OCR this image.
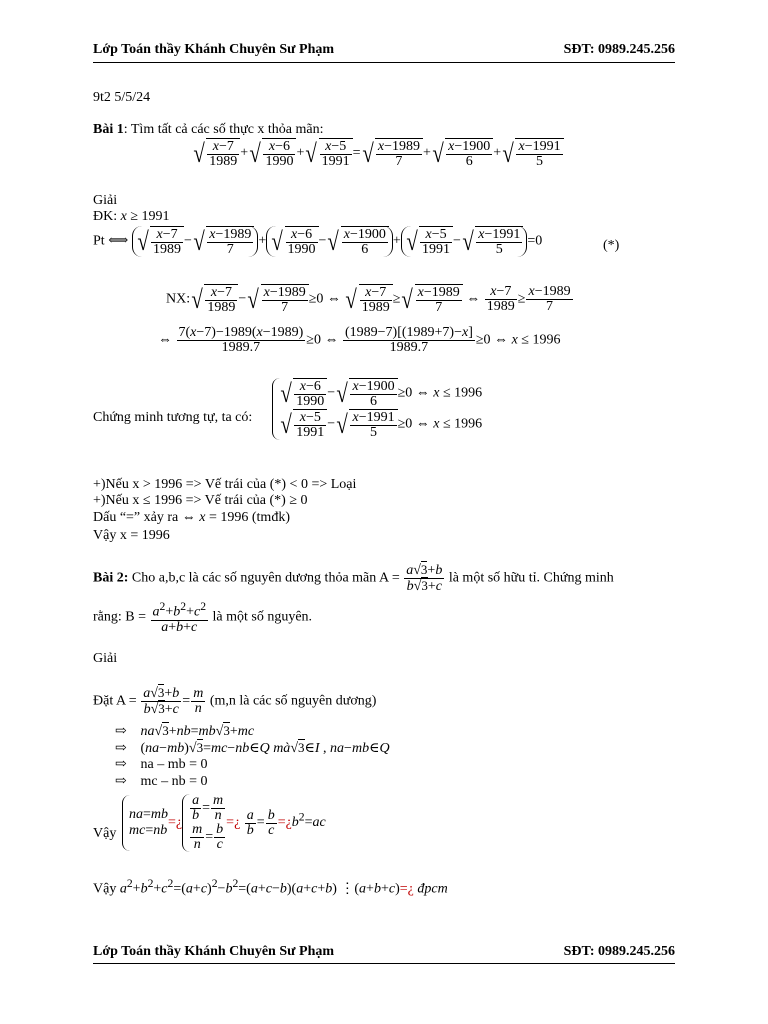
Lớp Toán thầy Khánh Chuyên Sư Phạm	SĐT: 0989.245.256
9t2 5/5/24
Bài 1: Tìm tất cả các số thực x thỏa mãn:
√ $\frac{x-7}{1989}$ +√ $\frac{x-6}{1990}$ +√ $\frac{x-5}{1991}$ =√ $\frac{x-1989}{7}$ +√ $\frac{x-1900}{6}$ +√ $\frac{x-1991}{5}$
Giải
ĐK: x ≥ 1991
Pt ⟺ √ $\frac{x-7}{1989}$ −√ $\frac{x-1989}{7}$ + √ $\frac{x-6}{1990}$ −√ $\frac{x-1900}{6}$ + √ $\frac{x-5}{1991}$ −√ $\frac{x-1991}{5} =0$	(*)
NX:√ $\frac{x-7}{1989}$ −√ $\frac{x-1989}{7} \ge 0$ ⇔ √ $\frac{x-7}{1989}$ ≥√ $\frac{x-1989}{7}$ ⇔ $\frac{x-7}{1989} \ge \frac{x-1989}{7}$
⇔ $\frac{7(x-7)-1989(x-1989)}{1989.7} \ge 0$ ⇔ $\frac{(1989-7)[(1989+7)-x]}{1989.7} \ge 0$ ⇔ x ≤ 1996
Chứng minh tương tự, ta có:
√ $\frac{x-6}{1990}$ −√ $\frac{x-1900}{6} \ge 0$ ⇔ x ≤ 1996
√ $\frac{x-5}{1991}$ −√ $\frac{x-1991}{5} \ge 0$ ⇔ x ≤ 1996
+)Nếu x > 1996 => Vế trái của (*) < 0 => Loại
+)Nếu x ≤ 1996 => Vế trái của (*) ≥ 0
Dấu “=” xảy ra ⇔ x = 1996 (tmđk)
Vậy x = 1996
Bài 2: Cho a,b,c là các số nguyên dương thỏa mãn $A = \frac{a√3+b}{b√3+c}$ là một số hữu tỉ. Chứng minh
rằng: $B = \frac{a^2+b^2+c^2}{a+b+c}$ là một số nguyên.
Giải
Đặt $A = \frac{a√3+b}{b√3+c} = \frac{m}{n} (m,n$ là các số nguyên dương)
⇨ na√3+nb=mb√3+mc
⇨ (na−mb)√3=mc−nb∈Q mà√3∈I , na−mb∈Q
⇨ na – mb = 0
⇨ mc – nb = 0
Vậy
na=mb
mc=nb
=¿ $\frac{a}{b} = \frac{m}{n}$
$\frac{m}{n} = \frac{b}{c}$
=¿ $\frac{a}{b} = \frac{b}{c}$ $=¿b^2=ac$
Vậy $a^2+b^2+c^2=(a+c)^2-b^2=(a+c-b)(a+c+b)$ ⋮(a+b+c)=¿ đpcm
Lớp Toán thầy Khánh Chuyên Sư Phạm	SĐT: 0989.245.256
